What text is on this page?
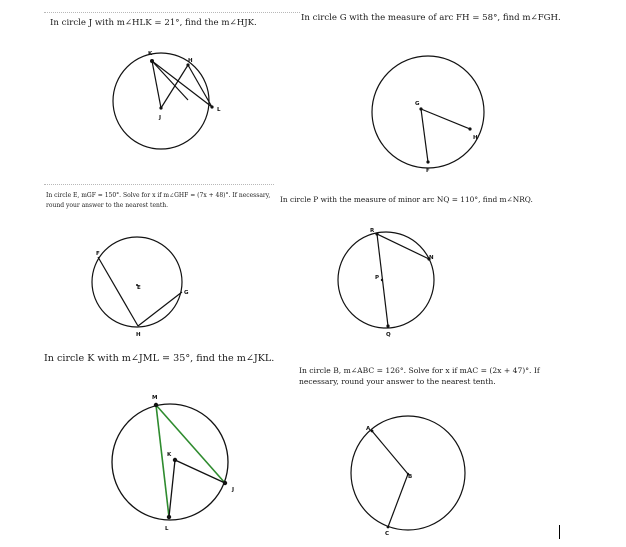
In circle J with m∠HLK = 21°, find the m∠HJK.

K
H
J
L

In circle G with the measure of arc FH = 58°, find m∠FGH.

G
H
F

In circle E, mGF = 150°. Solve for x if m∠GHF = (7x + 48)°. If necessary, round your answer to the nearest tenth.

F
E
G
H

In circle P with the measure of minor arc NQ = 110°, find m∠NRQ.

R
N
P
Q

In circle K with m∠JML = 35°, find the m∠JKL.

M
K
J
L

In circle B, m∠ABC = 126°. Solve for x if mAC = (2x + 47)°. If necessary, round your answer to the nearest tenth.

A
B
C
